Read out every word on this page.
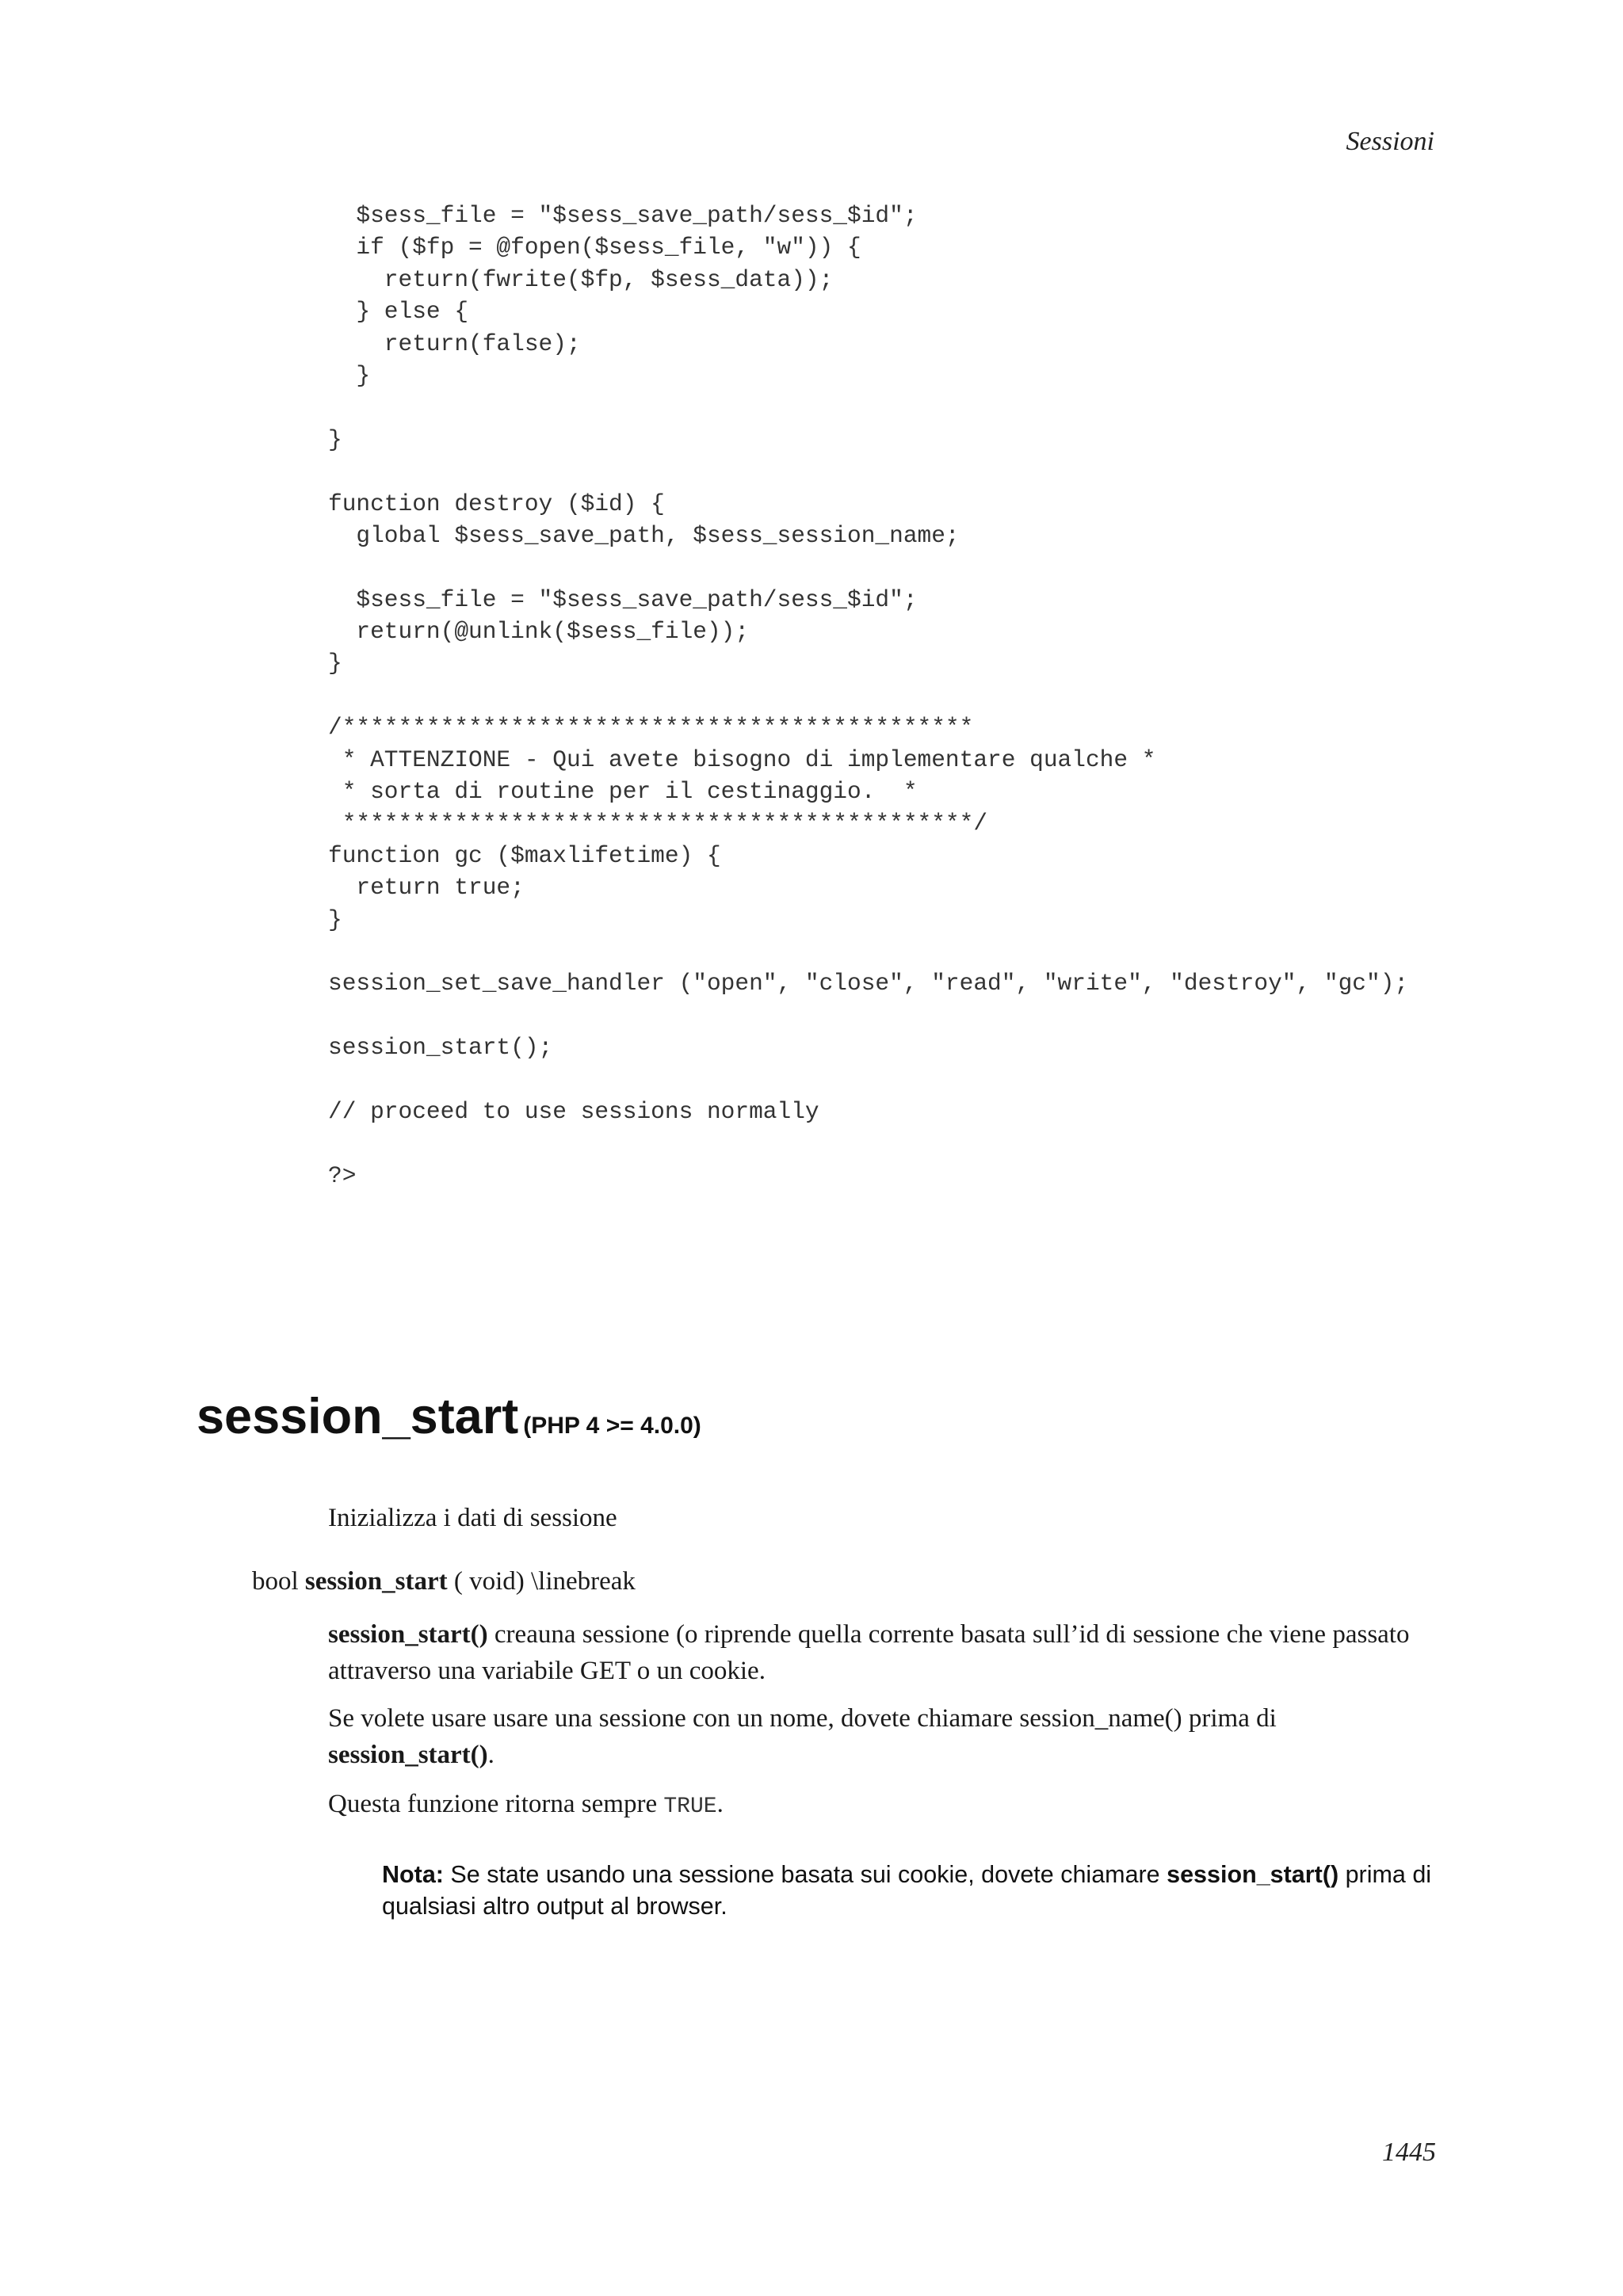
Sessioni
$sess_file = "$sess_save_path/sess_$id";
if ($fp = @fopen($sess_file, "w")) {
return(fwrite($fp, $sess_data));
} else {
return(false);
}
}
function destroy ($id) {
global $sess_save_path, $sess_session_name;
$sess_file = "$sess_save_path/sess_$id";
return(@unlink($sess_file));
}
/*********************************************
* ATTENZIONE - Qui avete bisogno di implementare qualche *
* sorta di routine per il cestinaggio.  *
*********************************************/
function gc ($maxlifetime) {
return true;
}
session_set_save_handler ("open", "close", "read", "write", "destroy", "gc");
session_start();
// proceed to use sessions normally
?>
session_start (PHP 4 >= 4.0.0)
Inizializza i dati di sessione
bool session_start ( void) \linebreak

session_start() creauna sessione (o riprende quella corrente basata sull’id di sessione che viene passato attraverso una variabile GET o un cookie.

Se volete usare usare una sessione con un nome, dovete chiamare session_name() prima di session_start().

Questa funzione ritorna sempre TRUE.

Nota: Se state usando una sessione basata sui cookie, dovete chiamare session_start() prima di qualsiasi altro output al browser.

1445
